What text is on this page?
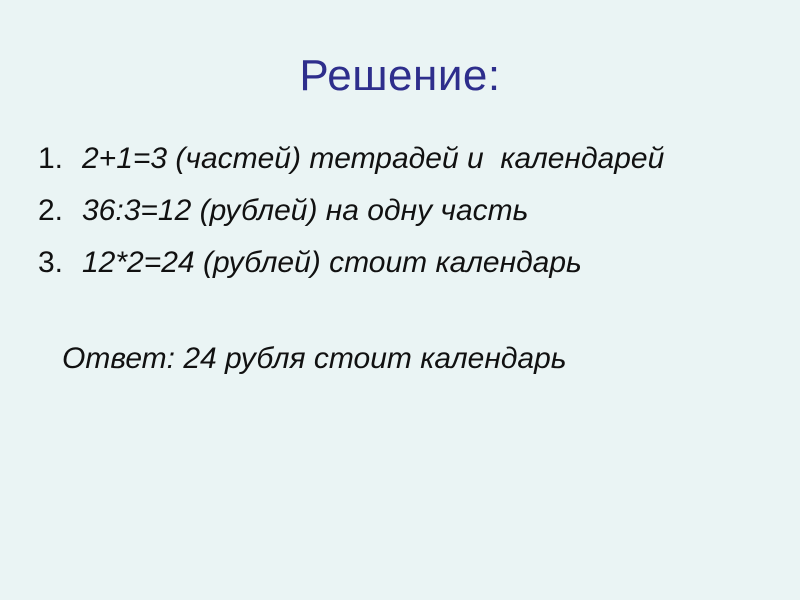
Решение:
1. 2+1=3 (частей) тетрадей и  календарей
2. 36:3=12 (рублей) на одну часть
3. 12*2=24 (рублей) стоит календарь
Ответ: 24 рубля стоит календарь
